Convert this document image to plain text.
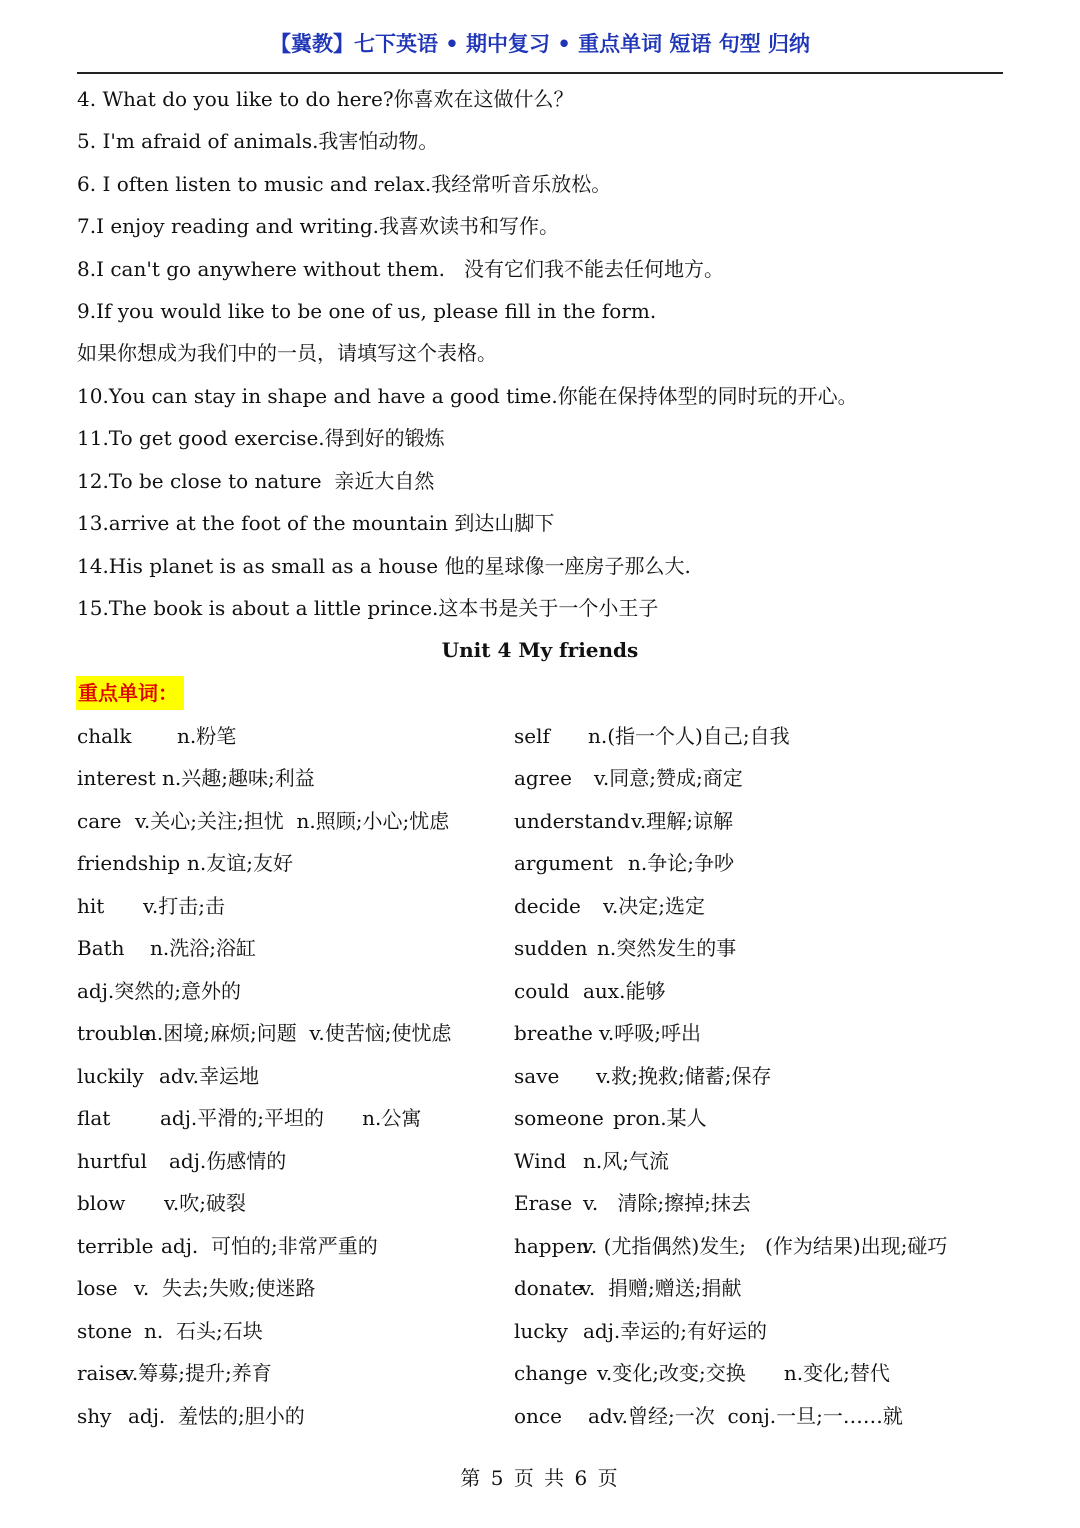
【冀教】七下英语 • 期中复习 • 重点单词 短语 句型 归纳
4. What do you like to do here?你喜欢在这做什么？
5. I'm afraid of animals.我害怕动物。
6. I often listen to music and relax.我经常听音乐放松。
7.I enjoy reading and writing.我喜欢读书和写作。
8.I can't go anywhere without them.   没有它们我不能去任何地方。
9.If you would like to be one of us, please fill in the form.
如果你想成为我们中的一员，请填写这个表格。
10.You can stay in shape and have a good time.你能在保持体型的同时玩的开心。
11.To get good exercise.得到好的锻炼
12.To be close to nature  亲近大自然
13.arrive at the foot of the mountain 到达山脚下
14.His planet is as small as a house 他的星球像一座房子那么大.
15.The book is about a little prince.这本书是关于一个小王子
Unit 4 My friends
重点单词：
chalk n.粉笔
interest n.兴趣;趣味;利益
care v.关心;关注;担忧  n.照顾;小心;忧虑
friendship n.友谊;友好
hit v.打击;击
Bath n.洗浴;浴缸
adj.突然的;意外的
troublen.困境;麻烦;问题  v.使苦恼;使忧虑
luckily adv.幸运地
flat adj.平滑的;平坦的      n.公寓
hurtful adj.伤感情的
blow v.吹;破裂
terrible adj.  可怕的;非常严重的
lose v.  失去;失败;使迷路
stone n.  石头;石块
raisev.筹募;提升;养育
shy adj.  羞怯的;胆小的
self n.(指一个人)自己;自我
agree v.同意;赞成;商定
understandv.理解;谅解
argument n.争论;争吵
decide v.决定;选定
sudden n.突然发生的事
could aux.能够
breathe v.呼吸;呼出
save v.救;挽救;储蓄;保存
someone pron.某人
Wind n.风;气流
Erase v.   清除;擦掉;抹去
happenv. (尤指偶然)发生;   (作为结果)出现;碰巧
donatev.  捐赠;赠送;捐献
lucky adj.幸运的;有好运的
change v.变化;改变;交换      n.变化;替代
once adv.曾经;一次  conj.一旦;一……就
第 5 页 共 6 页
